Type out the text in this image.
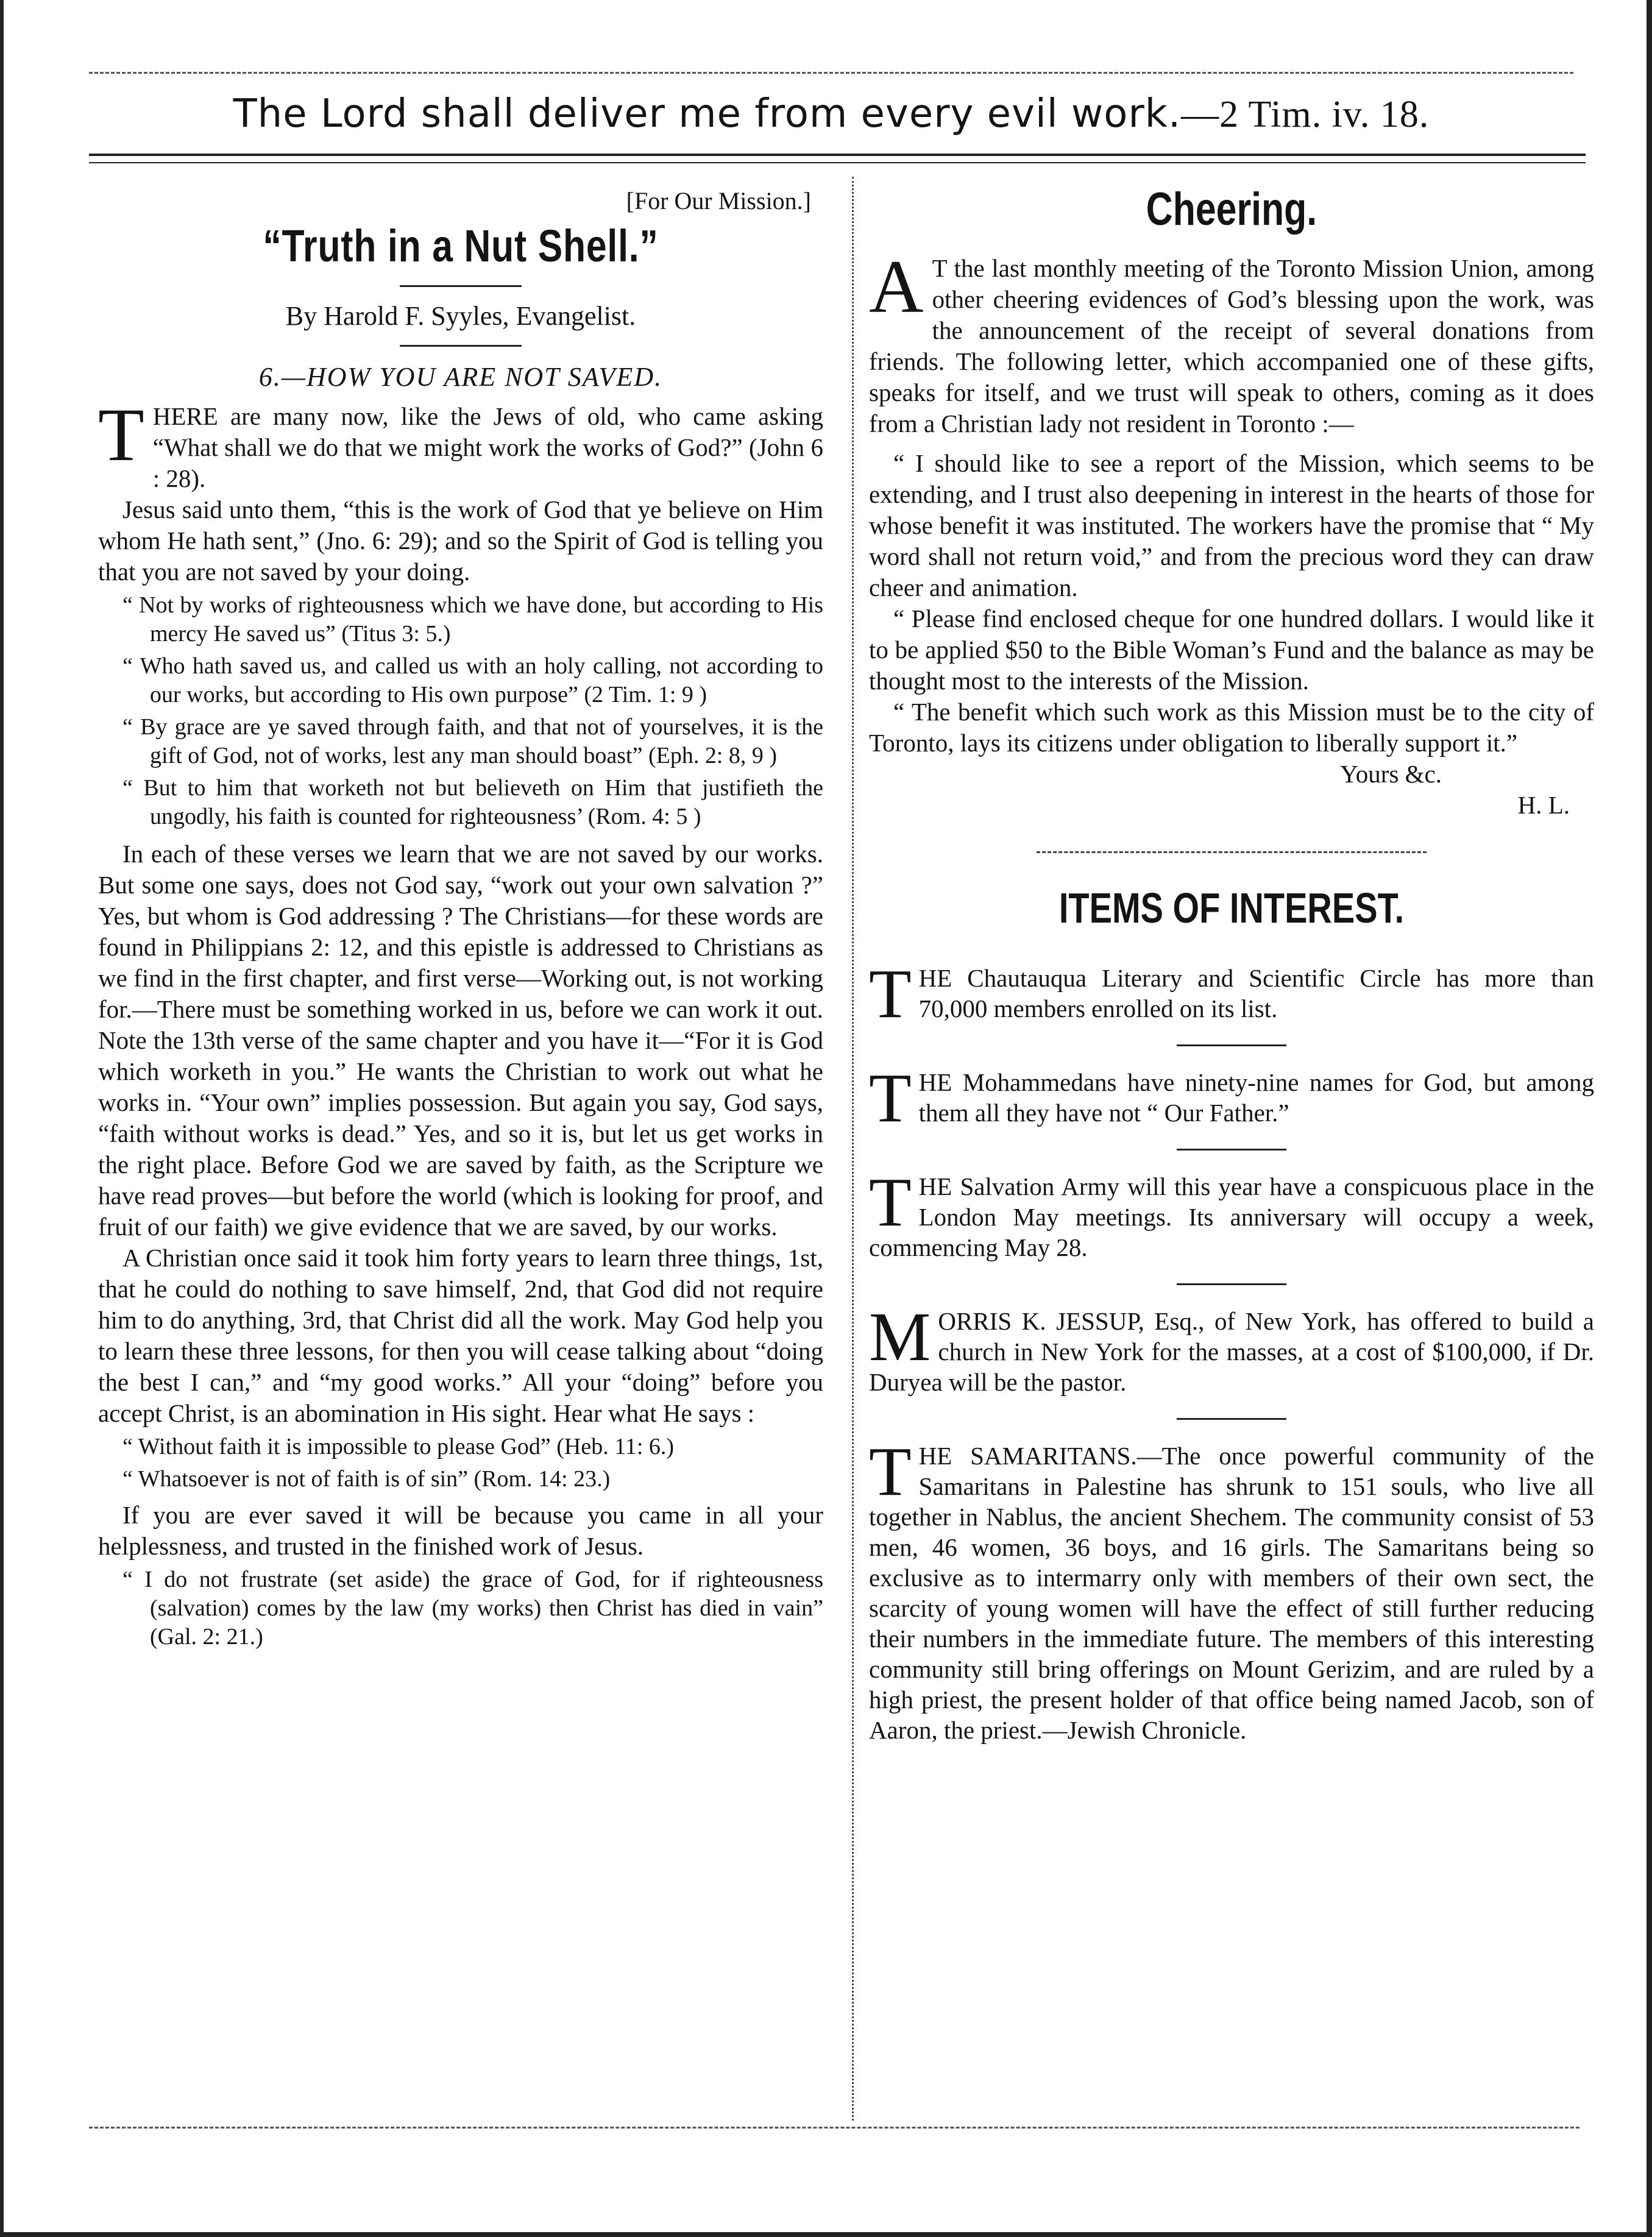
The Lord shall deliver me from every evil work.—2 Tim. iv. 18.

[For Our Mission.]

“Truth in a Nut Shell.”

By Harold F. Syyles, Evangelist.

6.—HOW YOU ARE NOT SAVED.

THERE are many now, like the Jews of old, who came asking “What shall we do that we might work the works of God?” (John 6 : 28).

Jesus said unto them, “this is the work of God that ye believe on Him whom He hath sent,” (Jno. 6: 29); and so the Spirit of God is telling you that you are not saved by your doing.

“ Not by works of righteousness which we have done, but according to His mercy He saved us” (Titus 3: 5.)

“ Who hath saved us, and called us with an holy calling, not according to our works, but according to His own purpose” (2 Tim. 1: 9 )

“ By grace are ye saved through faith, and that not of yourselves, it is the gift of God, not of works, lest any man should boast” (Eph. 2: 8, 9 )

“ But to him that worketh not but believeth on Him that justifieth the ungodly, his faith is counted for righteousness’ (Rom. 4: 5 )

In each of these verses we learn that we are not saved by our works. But some one says, does not God say, “work out your own salvation ?” Yes, but whom is God addressing ? The Christians—for these words are found in Philippians 2: 12, and this epistle is addressed to Christians as we find in the first chapter, and first verse—Working out, is not working for.—There must be something worked in us, before we can work it out. Note the 13th verse of the same chapter and you have it—“For it is God which worketh in you.” He wants the Christian to work out what he works in. “Your own” implies possession. But again you say, God says, “faith without works is dead.” Yes, and so it is, but let us get works in the right place. Before God we are saved by faith, as the Scripture we have read proves—but before the world (which is looking for proof, and fruit of our faith) we give evidence that we are saved, by our works.

A Christian once said it took him forty years to learn three things, 1st, that he could do nothing to save himself, 2nd, that God did not require him to do anything, 3rd, that Christ did all the work. May God help you to learn these three lessons, for then you will cease talking about “doing the best I can,” and “my good works.” All your “doing” before you accept Christ, is an abomination in His sight. Hear what He says :

“ Without faith it is impossible to please God” (Heb. 11: 6.)

“ Whatsoever is not of faith is of sin” (Rom. 14: 23.)

If you are ever saved it will be because you came in all your helplessness, and trusted in the finished work of Jesus.

“ I do not frustrate (set aside) the grace of God, for if righteousness (salvation) comes by the law (my works) then Christ has died in vain” (Gal. 2: 21.)

Cheering.

A T the last monthly meeting of the Toronto Mission Union, among other cheering evidences of God’s blessing upon the work, was the announcement of the receipt of several donations from friends. The following letter, which accompanied one of these gifts, speaks for itself, and we trust will speak to others, coming as it does from a Christian lady not resident in Toronto :—

“ I should like to see a report of the Mission, which seems to be extending, and I trust also deepening in interest in the hearts of those for whose benefit it was instituted. The workers have the promise that “ My word shall not return void,” and from the precious word they can draw cheer and animation.

“ Please find enclosed cheque for one hundred dollars. I would like it to be applied $50 to the Bible Woman’s Fund and the balance as may be thought most to the interests of the Mission.

“ The benefit which such work as this Mission must be to the city of Toronto, lays its citizens under obligation to liberally support it.”

Yours &c.

H. L.

ITEMS OF INTEREST.

THE Chautauqua Literary and Scientific Circle has more than 70,000 members enrolled on its list.

THE Mohammedans have ninety-nine names for God, but among them all they have not “ Our Father.”

THE Salvation Army will this year have a conspicuous place in the London May meetings. Its anniversary will occupy a week, commencing May 28.

MORRIS K. JESSUP, Esq., of New York, has offered to build a church in New York for the masses, at a cost of $100,000, if Dr. Duryea will be the pastor.

THE SAMARITANS.—The once powerful community of the Samaritans in Palestine has shrunk to 151 souls, who live all together in Nablus, the ancient Shechem. The community consist of 53 men, 46 women, 36 boys, and 16 girls. The Samaritans being so exclusive as to intermarry only with members of their own sect, the scarcity of young women will have the effect of still further reducing their numbers in the immediate future. The members of this interesting community still bring offerings on Mount Gerizim, and are ruled by a high priest, the present holder of that office being named Jacob, son of Aaron, the priest.—Jewish Chronicle.
